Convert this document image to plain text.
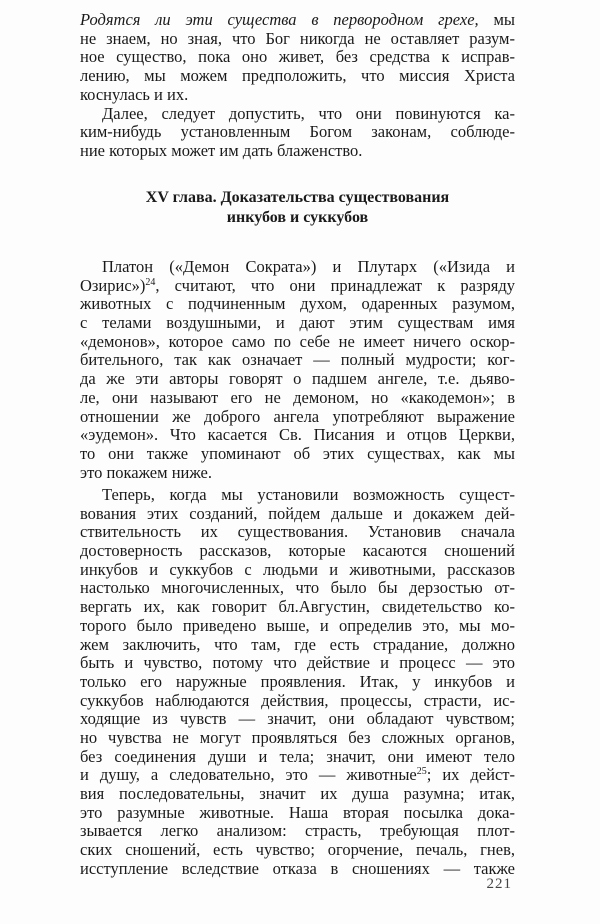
Родятся ли эти существа в первородном грехе, мы
не знаем, но зная, что Бог никогда не оставляет разум-
ное существо, пока оно живет, без средства к исправ-
лению, мы можем предположить, что миссия Христа
коснулась и их.
Далее, следует допустить, что они повинуются ка-
ким-нибудь установленным Богом законам, соблюде-
ние которых может им дать блаженство.
XV глава. Доказательства существования
инкубов и суккубов
Платон («Демон Сократа») и Плутарх («Изида и
Озирис»)$^{24}$, считают, что они принадлежат к разряду
животных с подчиненным духом, одаренных разумом,
с телами воздушными, и дают этим существам имя
«демонов», которое само по себе не имеет ничего оскор-
бительного, так как означает — полный мудрости; ког-
да же эти авторы говорят о падшем ангеле, т.е. дьяво-
ле, они называют его не демоном, но «какодемон»; в
отношении же доброго ангела употребляют выражение
«эудемон». Что касается Св. Писания и отцов Церкви,
то они также упоминают об этих существах, как мы
это покажем ниже.
Теперь, когда мы установили возможность сущест-
вования этих созданий, пойдем дальше и докажем дей-
ствительность их существования. Установив сначала
достоверность рассказов, которые касаются сношений
инкубов и суккубов с людьми и животными, рассказов
настолько многочисленных, что было бы дерзостью от-
вергать их, как говорит бл.Августин, свидетельство ко-
торого было приведено выше, и определив это, мы мо-
жем заключить, что там, где есть страдание, должно
быть и чувство, потому что действие и процесс — это
только его наружные проявления. Итак, у инкубов и
суккубов наблюдаются действия, процессы, страсти, ис-
ходящие из чувств — значит, они обладают чувством;
но чувства не могут проявляться без сложных органов,
без соединения души и тела; значит, они имеют тело
и душу, а следовательно, это — животные$^{25}$; их дейст-
вия последовательны, значит их душа разумна; итак,
это разумные животные. Наша вторая посылка дока-
зывается легко анализом: страсть, требующая плот-
ских сношений, есть чувство; огорчение, печаль, гнев,
исступление вследствие отказа в сношениях — также
221
